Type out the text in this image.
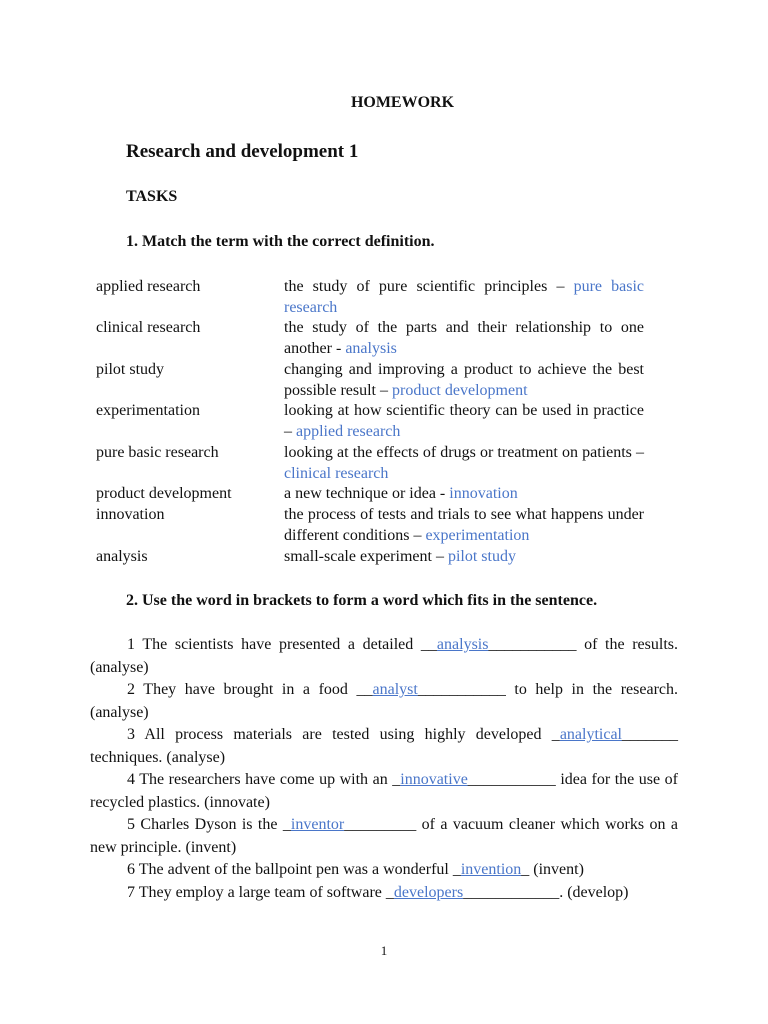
HOMEWORK
Research and development 1
TASKS
1. Match the term with the correct definition.
applied research
clinical research
pilot study
experimentation
pure basic research
product development
innovation
analysis
the study of pure scientific principles – pure basic research
the study of the parts and their relationship to one another - analysis
changing and improving a product to achieve the best possible result – product development
looking at how scientific theory can be used in practice – applied research
looking at the effects of drugs or treatment on patients – clinical research
a new technique or idea - innovation
the process of tests and trials to see what happens under different conditions – experimentation
small-scale experiment – pilot study
2. Use the word in brackets to form a word which fits in the sentence.
1 The scientists have presented a detailed __analysis___________ of the results. (analyse)
2 They have brought in a food __analyst___________ to help in the research. (analyse)
3 All process materials are tested using highly developed _analytical_______ techniques. (analyse)
4 The researchers have come up with an _innovative___________ idea for the use of recycled plastics. (innovate)
5 Charles Dyson is the _inventor_________ of a vacuum cleaner which works on a new principle. (invent)
6 The advent of the ballpoint pen was a wonderful _invention_ (invent)
7 They employ a large team of software _developers____________. (develop)
1
